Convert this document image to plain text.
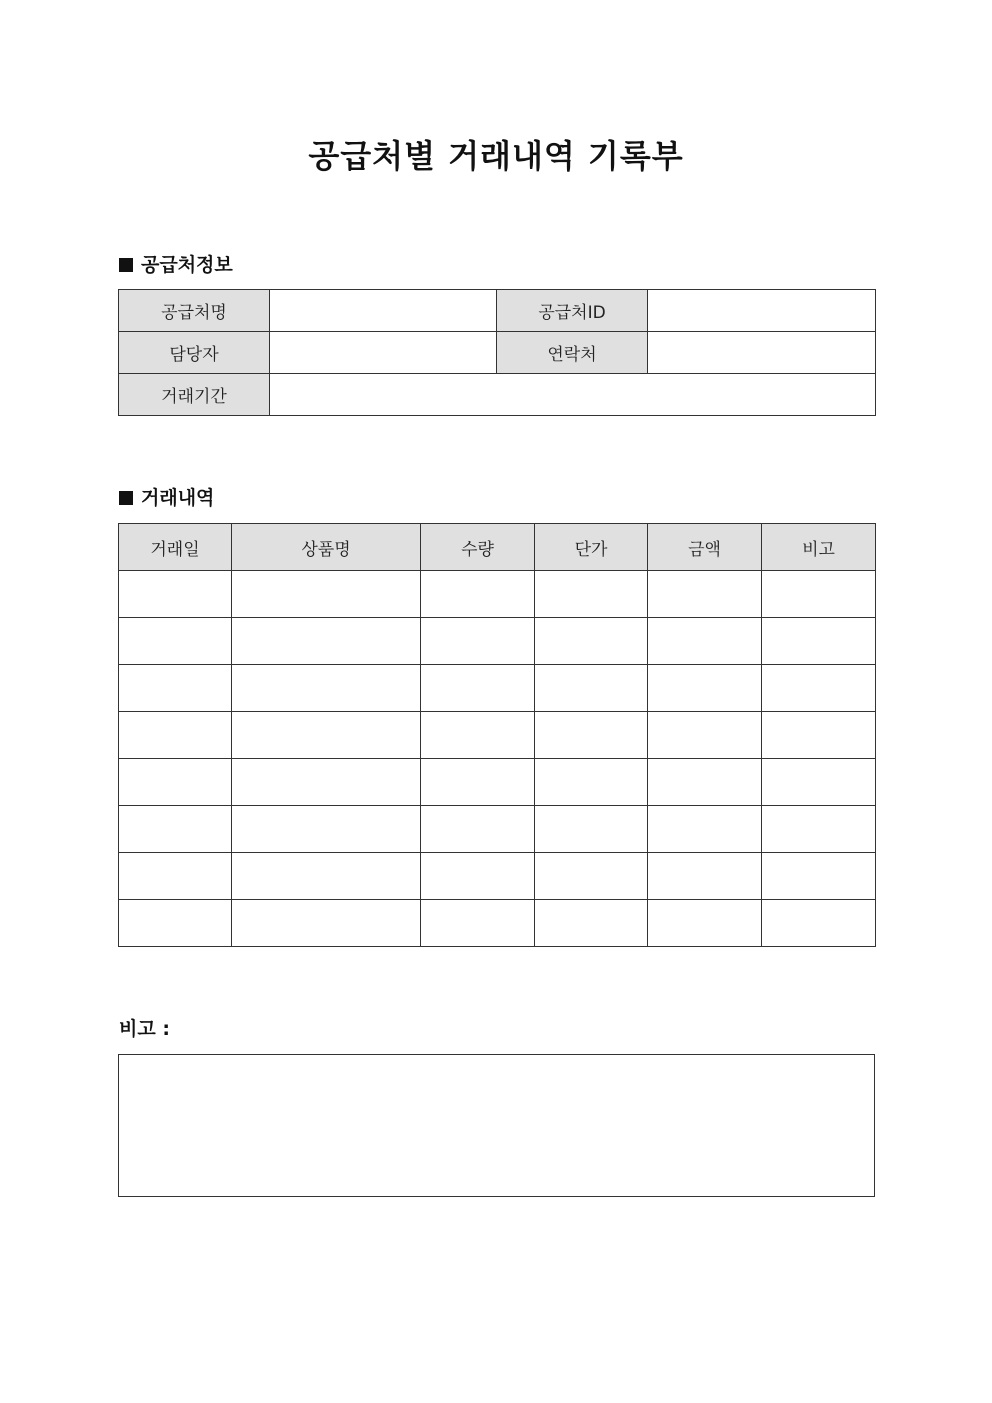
공급처별 거래내역 기록부
공급처정보
공급처명		공급처ID	
담당자		연락처	
거래기간			
거래내역
거래일	상품명	수량	단가	금액	비고

비고 :
